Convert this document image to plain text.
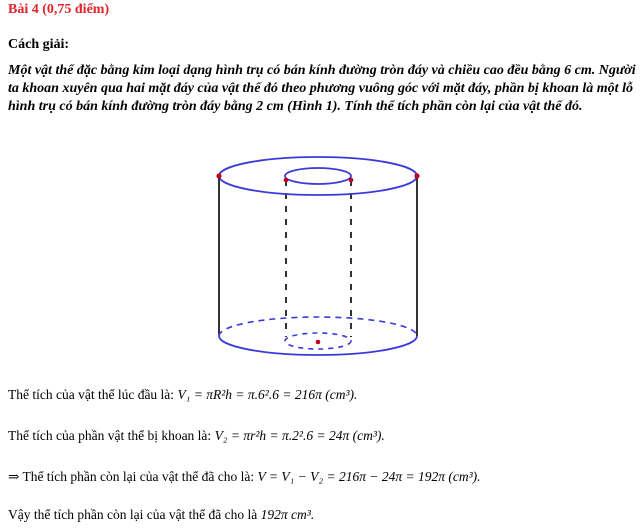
Bài 4 (0,75 điểm)
Cách giải:
Một vật thể đặc bằng kim loại dạng hình trụ có bán kính đường tròn đáy và chiều cao đều bằng 6 cm. Người ta khoan xuyên qua hai mặt đáy của vật thể đó theo phương vuông góc với mặt đáy, phần bị khoan là một lỗ hình trụ có bán kính đường tròn đáy bằng 2 cm (Hình 1). Tính thể tích phần còn lại của vật thể đó.
Thể tích của vật thể lúc đầu là: V₁ = πR²h = π.6².6 = 216π (cm³).
Thể tích của phần vật thể bị khoan là: V₂ = πr²h = π.2².6 = 24π (cm³).
⇒ Thể tích phần còn lại của vật thể đã cho là: V = V₁ − V₂ = 216π − 24π = 192π (cm³).
Vậy thể tích phần còn lại của vật thể đã cho là 192π cm³.
